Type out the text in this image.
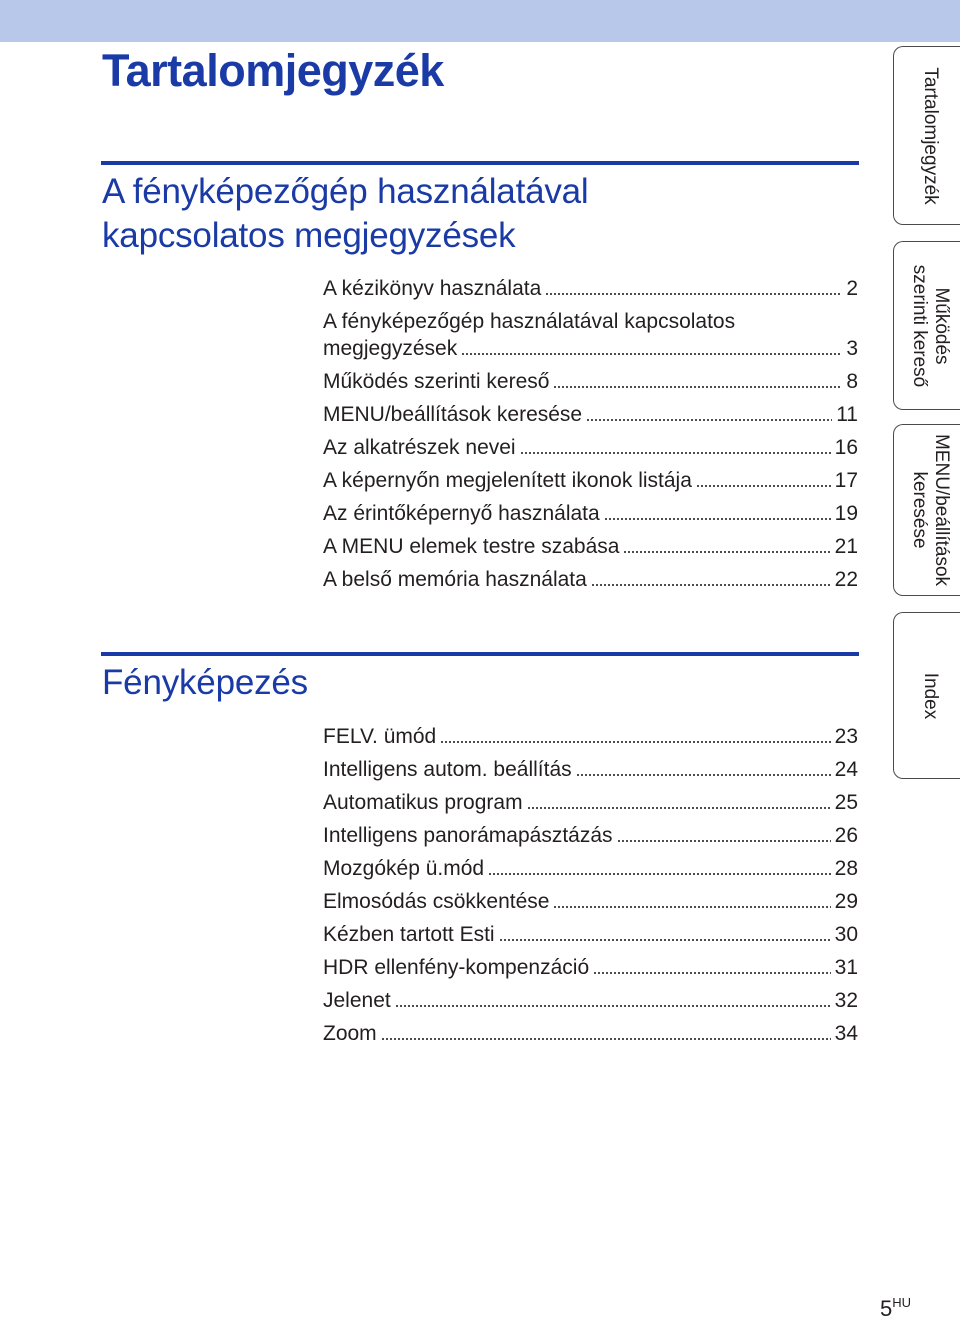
Tartalomjegyzék
A fényképezőgép használatával
kapcsolatos megjegyzések
A kézikönyv használata	2
A fényképezőgép használatával kapcsolatos
megjegyzések	3
Működés szerinti kereső	8
MENU/beállítások keresése	11
Az alkatrészek nevei	16
A képernyőn megjelenített ikonok listája	17
Az érintőképernyő használata	19
A MENU elemek testre szabása	21
A belső memória használata	22
Fényképezés
FELV. ümód	23
Intelligens autom. beállítás	24
Automatikus program	25
Intelligens panorámapásztázás	26
Mozgókép ü.mód	28
Elmosódás csökkentése	29
Kézben tartott Esti	30
HDR ellenfény-kompenzáció	31
Jelenet	32
Zoom	34
Tartalomjegyzék
Működés
szerinti kereső
MENU/beállítások
keresése
Index
$5^{HU}$
